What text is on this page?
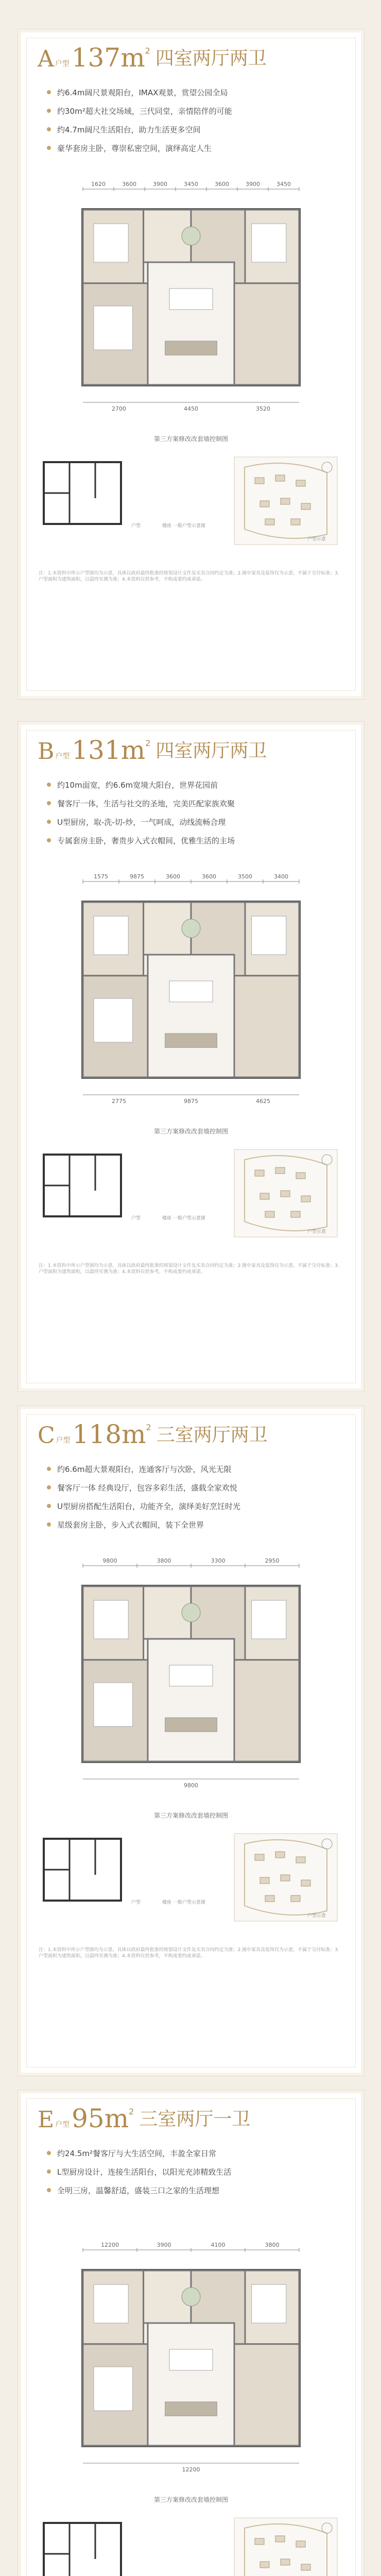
A 户型 137m 2 四室两厅两卫
约6.4m阔尺景观阳台，IMAX观景，赏望公园全局
约30m²超大社交场域，三代同堂，亲情陪伴的可能
约4.7m阔尺生活阳台，助力生活更多空间
豪华套房主卧，尊崇私密空间，演绎高定人生
1620	3600	3900	3450	3600	3900	3450
2700	4450	3520
第三方案修改改套墙控制图
户型	楼座 一般户型示意图
户型示意
注：1.本资料中所示户型图均为示意，具体以政府最终批准的规划设计文件及买卖合同约定为准；2.图中家具及装饰仅为示意，不属于交付标准；3.户型面积为建筑面积，以最终实测为准；4.本资料仅供参考，不构成要约或承诺。
B 户型 131m 2 四室两厅两卫
约10m面宽，约6.6m宽境大阳台，世界花园前
餐客厅一体，生活与社交的圣地，完美匹配家族欢聚
U型厨房，取-洗-切-炒，一气呵成，动线流畅合理
专属套房主卧，奢贵步入式衣帽间，优雅生活的主场
1575	9875	3600	3600	3500	3400
2775	9875	4625
第三方案修改改套墙控制图
户型	楼座 一般户型示意图
户型示意
注：1.本资料中所示户型图均为示意，具体以政府最终批准的规划设计文件及买卖合同约定为准；2.图中家具及装饰仅为示意，不属于交付标准；3.户型面积为建筑面积，以最终实测为准；4.本资料仅供参考，不构成要约或承诺。
C 户型 118m 2 三室两厅两卫
约6.6m超大景观阳台，连通客厅与次卧，风光无限
餐客厅一体 经典设厅，包容多彩生活，盛载全家欢悦
U型厨房搭配生活阳台，功能齐全，演绎美好烹饪时光
星级套房主卧，步入式衣帽间，装下全世界
9800	3800	3300	2950
9800
第三方案修改改套墙控制图
户型	楼座 一般户型示意图
户型示意
注：1.本资料中所示户型图均为示意，具体以政府最终批准的规划设计文件及买卖合同约定为准；2.图中家具及装饰仅为示意，不属于交付标准；3.户型面积为建筑面积，以最终实测为准；4.本资料仅供参考，不构成要约或承诺。
E 户型 95m 2 三室两厅一卫
约24.5m²餐客厅与大生活空间，丰盈全家日常
L型厨房设计，连接生活阳台，以阳光充沛精致生活
全明三房，温馨舒适，盛装三口之家的生活理想
12200	3900	4100	3800
12200
第三方案修改改套墙控制图
